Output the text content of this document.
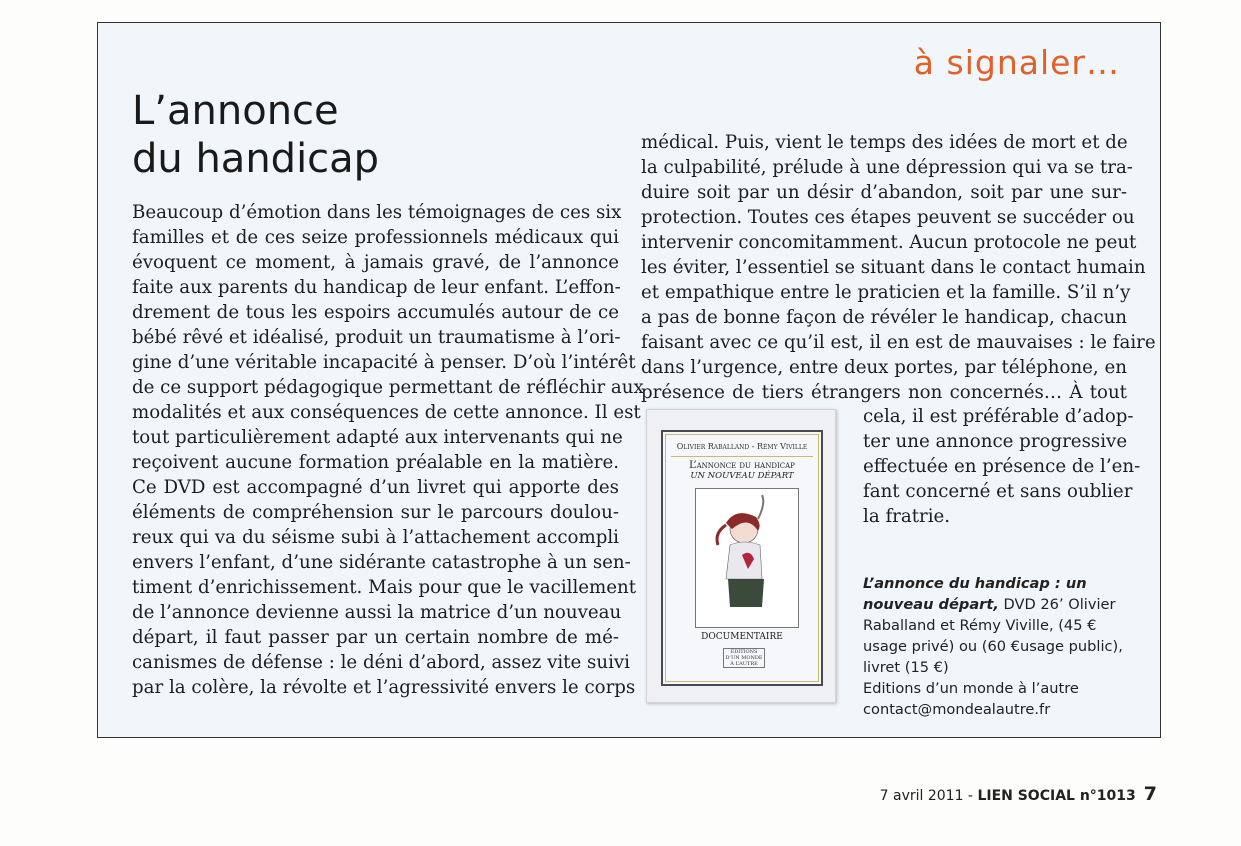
à signaler…
L’annonce
du handicap
Beaucoup d’émotion dans les témoignages de ces six
familles et de ces seize professionnels médicaux qui
évoquent ce moment, à jamais gravé, de l’annonce
faite aux parents du handicap de leur enfant. L’effon-
drement de tous les espoirs accumulés autour de ce
bébé rêvé et idéalisé, produit un traumatisme à l’ori-
gine d’une véritable incapacité à penser. D’où l’intérêt
de ce support pédagogique permettant de réfléchir aux
modalités et aux conséquences de cette annonce. Il est
tout particulièrement adapté aux intervenants qui ne
reçoivent aucune formation préalable en la matière.
Ce DVD est accompagné d’un livret qui apporte des
éléments de compréhension sur le parcours doulou-
reux qui va du séisme subi à l’attachement accompli
envers l’enfant, d’une sidérante catastrophe à un sen-
timent d’enrichissement. Mais pour que le vacillement
de l’annonce devienne aussi la matrice d’un nouveau
départ, il faut passer par un certain nombre de mé-
canismes de défense : le déni d’abord, assez vite suivi
par la colère, la révolte et l’agressivité envers le corps
médical. Puis, vient le temps des idées de mort et de
la culpabilité, prélude à une dépression qui va se tra-
duire soit par un désir d’abandon, soit par une sur-
protection. Toutes ces étapes peuvent se succéder ou
intervenir concomitamment. Aucun protocole ne peut
les éviter, l’essentiel se situant dans le contact humain
et empathique entre le praticien et la famille. S’il n’y
a pas de bonne façon de révéler le handicap, chacun
faisant avec ce qu’il est, il en est de mauvaises : le faire
dans l’urgence, entre deux portes, par téléphone, en
présence de tiers étrangers non concernés… À tout
cela, il est préférable d’adop-
ter une annonce progressive
effectuée en présence de l’en-
fant concerné et sans oublier
la fratrie.
Olivier Raballand - Rémy Viville
L’annonce du handicap
UN NOUVEAU DÉPART
DOCUMENTAIRE
EDITIONS D’UN MONDE À L’AUTRE
L’annonce du handicap : un nouveau départ, DVD 26’ Olivier Raballand et Rémy Viville, (45 € usage privé) ou (60 €usage public), livret (15 €)
Editions d’un monde à l’autre
contact@mondealautre.fr
7 avril 2011 - LIEN SOCIAL n°1013 7
